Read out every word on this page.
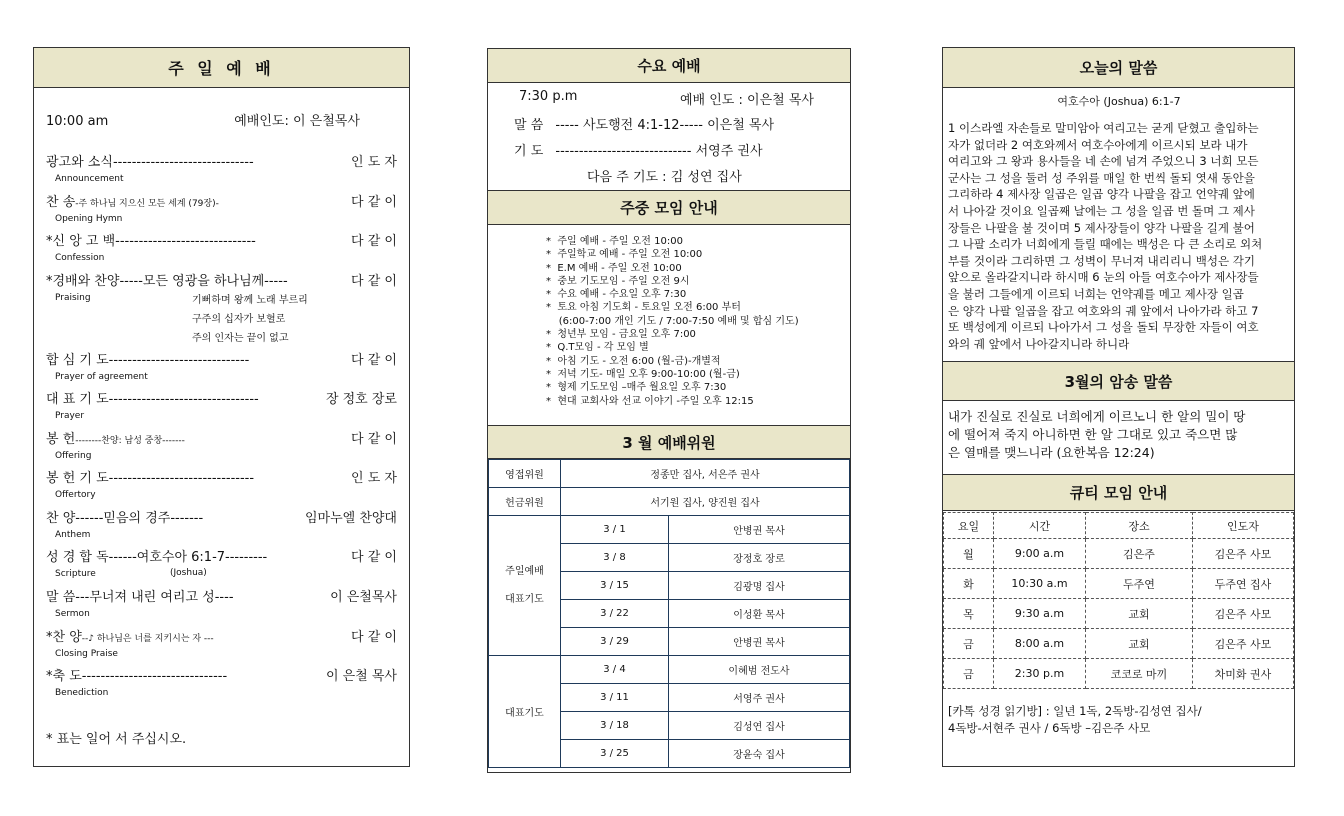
주 일 예 배
10:00 am	예배인도: 이 은철목사
광고와 소식 ------------------------------	인 도 자
Announcement
찬 송 -주 하나님 지으신 모든 세계 (79장)-	다 같 이
Opening Hymn
*신 앙 고 백 ------------------------------	다 같 이
Confession
*경배와 찬양 -----모든 영광을 하나님께-----	다 같 이
Praising
합 심 기 도 ------------------------------	다 같 이
Prayer of agreement
대 표 기 도 --------------------------------	장 정호 장로
Prayer
봉 헌 --------찬양: 남성 중창-------	다 같 이
Offering
봉 헌 기 도 -------------------------------	인 도 자
Offertory
찬 양 ------믿음의 경주-------	임마누엘 찬양대
Anthem
성 경 합 독 ------여호수아 6:1-7---------	다 같 이
Scripture	(Joshua)
말 씀 ---무너져 내린 여리고 성----	이 은철목사
Sermon
*찬 양 --♪ 하나님은 너를 지키시는 자 ---	다 같 이
Closing Praise
*축 도 -------------------------------	이 은철 목사
Benediction
기뻐하며 왕께 노래 부르리
구주의 십자가 보혈로
주의 인자는 끝이 없고
* 표는 일어 서 주십시오.
수요 예배
7:30 p.m	예배 인도 : 이은철 목사
말 씀 ----- 사도행전 4:1-12----- 이은철 목사
기 도 ----------------------------- 서영주 권사
다음 주 기도 : 김 성연 집사
주중 모임 안내
*  주일 예배 - 주일 오전 10:00
*  주일학교 예배 - 주일 오전 10:00
*  E.M 예배 - 주일 오전 10:00
*  중보 기도모임 - 주일 오전 9시
*  수요 예배 - 수요일 오후 7:30
*  토요 아침 기도회 - 토요일 오전 6:00 부터
(6:00-7:00 개인 기도 / 7:00-7:50 예배 및 합심 기도)
*  청년부 모임 - 금요일 오후 7:00
*  Q.T모임 - 각 모임 별
*  아침 기도 - 오전 6:00 (월-금)-개별적
*  저녁 기도- 매일 오후 9:00-10:00 (월-금)
*  형제 기도모임 –매주 월요일 오후 7:30
*  현대 교회사와 선교 이야기 -주일 오후 12:15
3 월 예배위원
영접위원	정종만 집사, 서은주 권사	
헌금위원	서기원 집사, 양진원 집사	

주일예배
대표기도	3 / 1	안병권 목사
	3 / 8	장정호 장로
	3 / 15	김광명 집사
	3 / 22	이성환 목사
	3 / 29	안병권 목사
대표기도	3 / 4	이혜범 전도사
	3 / 11	서영주 권사
	3 / 18	김성연 집사
	3 / 25	장윤숙 집사
오늘의 말씀
여호수아 (Joshua) 6:1-7
1 이스라엘 자손들로 말미암아 여리고는 굳게 닫혔고 출입하는
자가 없더라 2 여호와께서 여호수아에게 이르시되 보라 내가
여리고와 그 왕과 용사들을 네 손에 넘겨 주었으니 3 너희 모든
군사는 그 성을 둘러 성 주위를 매일 한 번씩 돌되 엿새 동안을
그리하라 4 제사장 일곱은 일곱 양각 나팔을 잡고 언약궤 앞에
서 나아갈 것이요 일곱째 날에는 그 성을 일곱 번 돌며 그 제사
장들은 나팔을 불 것이며 5 제사장들이 양각 나팔을 길게 불어
그 나팔 소리가 너희에게 들릴 때에는 백성은 다 큰 소리로 외쳐
부를 것이라 그리하면 그 성벽이 무너져 내리리니 백성은 각기
앞으로 올라갈지니라 하시매 6 눈의 아들 여호수아가 제사장들
을 불러 그들에게 이르되 너희는 언약궤를 메고 제사장 일곱
은 양각 나팔 일곱을 잡고 여호와의 궤 앞에서 나아가라 하고 7
또 백성에게 이르되 나아가서 그 성을 돌되 무장한 자들이 여호
와의 궤 앞에서 나아갈지니라 하니라
3월의 암송 말씀
내가 진실로 진실로 너희에게 이르노니 한 알의 밀이 땅
에 떨어져 죽지 아니하면 한 알 그대로 있고 죽으면 많
은 열매를 맺느니라 (요한복음 12:24)
큐티 모임 안내
요일	시간	장소	인도자
월	9:00 a.m	김은주	김은주 사모
화	10:30 a.m	두주연	두주연 집사
목	9:30 a.m	교회	김은주 사모
금	8:00 a.m	교회	김은주 사모
금	2:30 p.m	코코로 마끼	차미화 권사
[카톡 성경 읽기방] : 일년 1독, 2독방-김성연 집사/
4독방-서현주 권사 / 6독방 –김은주 사모
